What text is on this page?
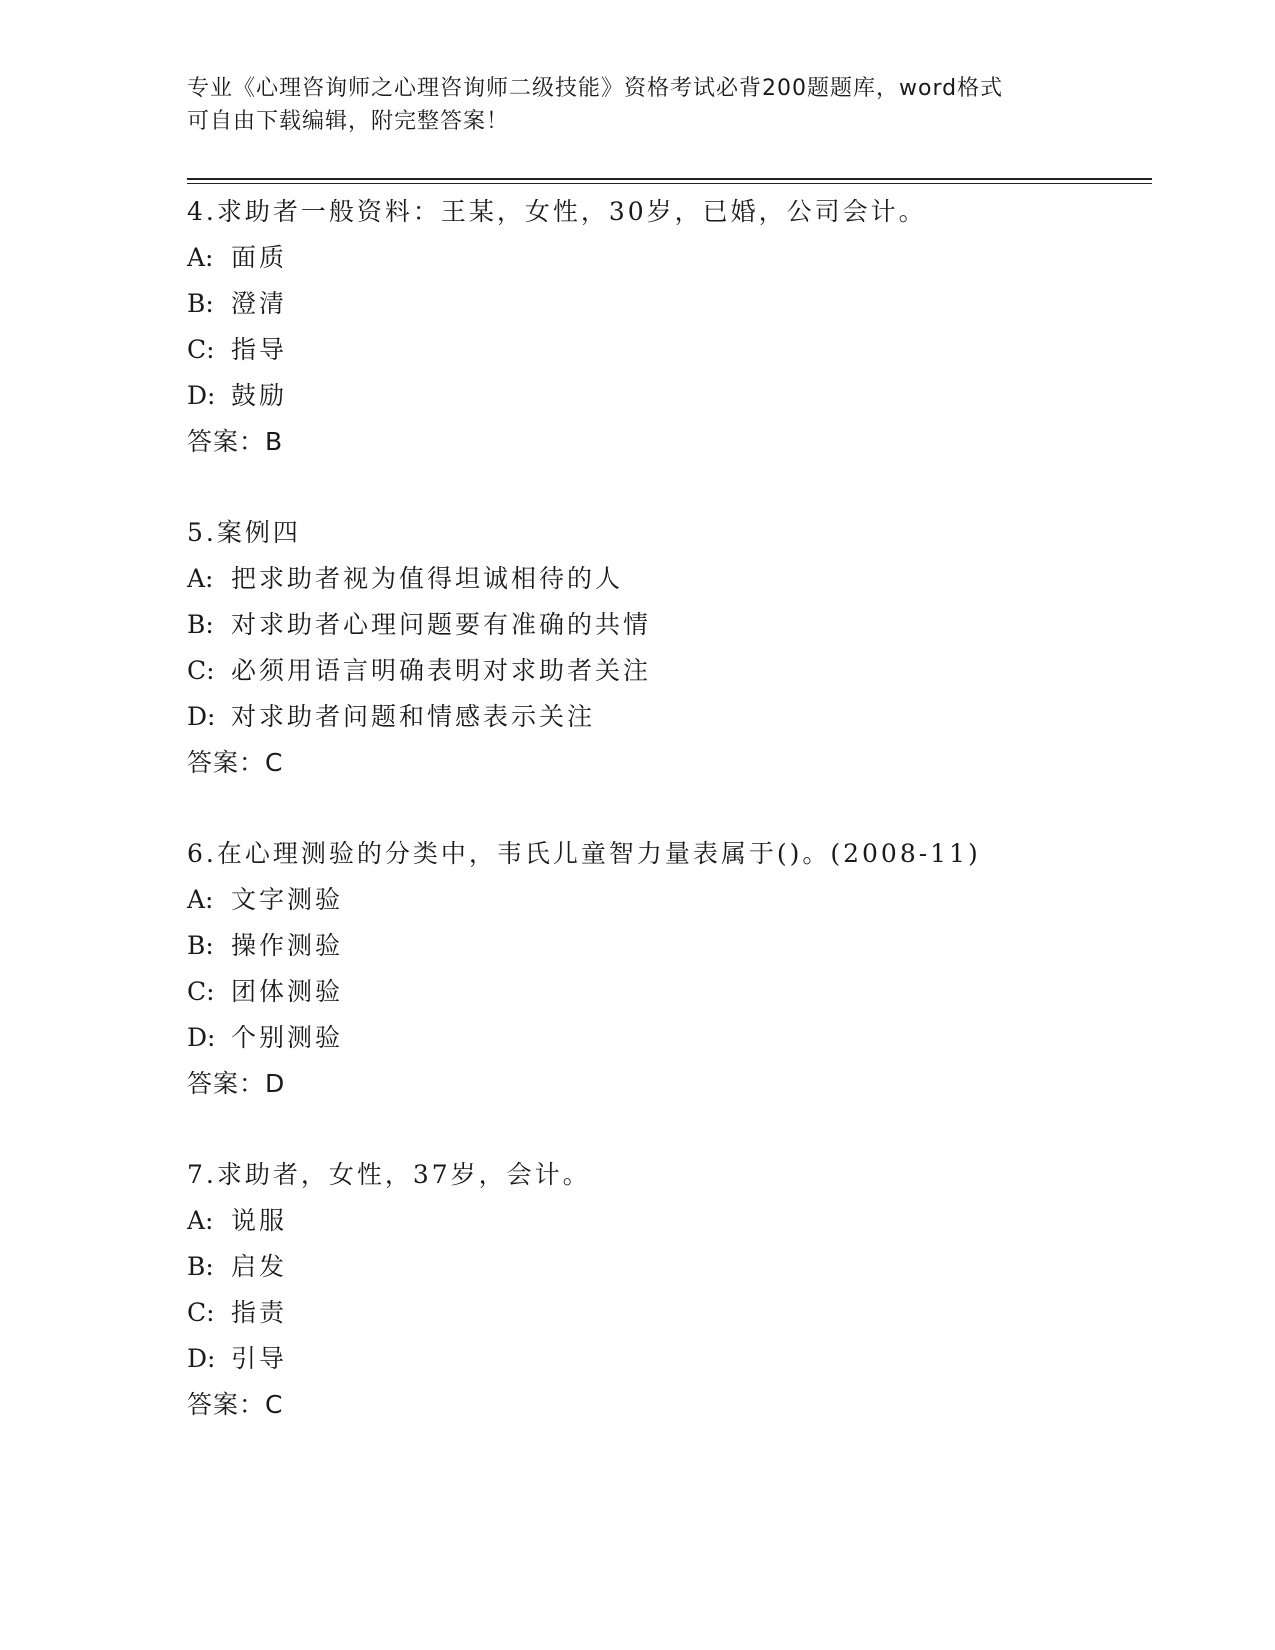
专业《心理咨询师之心理咨询师二级技能》资格考试必背200题题库，word格式
可自由下载编辑，附完整答案！
4.求助者一般资料：王某，女性，30岁，已婚，公司会计。
A: 面质
B: 澄清
C: 指导
D: 鼓励
答案：B
5.案例四
A: 把求助者视为值得坦诚相待的人
B: 对求助者心理问题要有准确的共情
C: 必须用语言明确表明对求助者关注
D: 对求助者问题和情感表示关注
答案：C
6.在心理测验的分类中，韦氏儿童智力量表属于()。(2008-11)
A: 文字测验
B: 操作测验
C: 团体测验
D: 个别测验
答案：D
7.求助者，女性，37岁，会计。
A: 说服
B: 启发
C: 指责
D: 引导
答案：C
